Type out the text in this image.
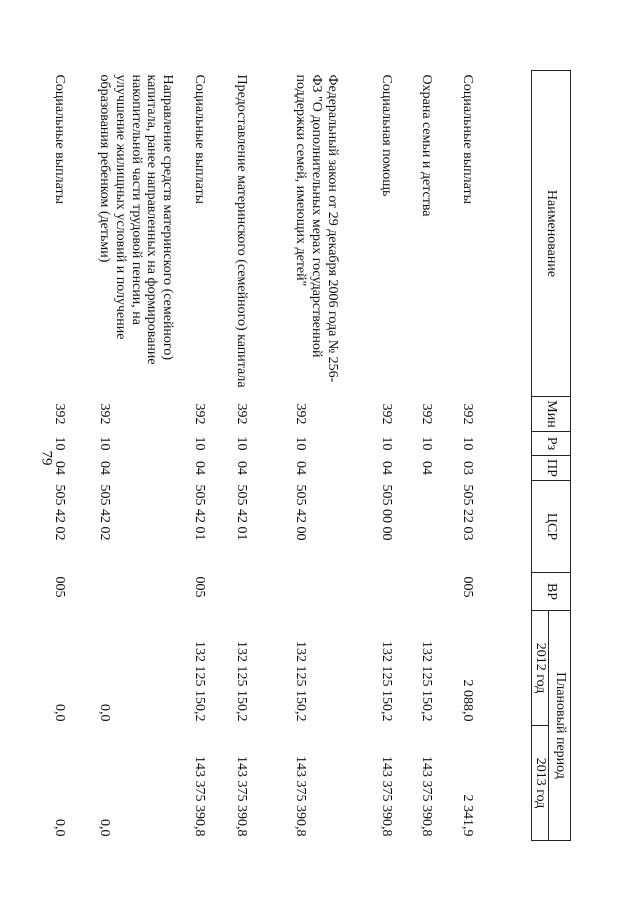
79
Наименование	Мин	Рз	ПР	ЦСР	ВР	Плановый период	
						2012 год	2013 год
Социальные выплаты	392	10	03	505 22 03	005	2 088,0	2 341,9
Охрана семьи и детства	392	10	04			132 125 150,2	143 375 390,8
Социальная помощь	392	10	04	505 00 00		132 125 150,2	143 375 390,8
Федеральный закон от 29 декабря 2006 года № 256-ФЗ "О дополнительных мерах государственной поддержки семей, имеющих детей"	392	10	04	505 42 00		132 125 150,2	143 375 390,8
Предоставление материнского (семейного) капитала	392	10	04	505 42 01		132 125 150,2	143 375 390,8
Социальные выплаты	392	10	04	505 42 01	005	132 125 150,2	143 375 390,8
Направление средств материнского (семейного) капитала, ранее направленных на формирование накопительной части трудовой пенсии, на улучшение жилищных условий и получение образования ребенком (детьми)	392	10	04	505 42 02		0,0	0,0
Социальные выплаты	392	10	04	505 42 02	005	0,0	0,0
